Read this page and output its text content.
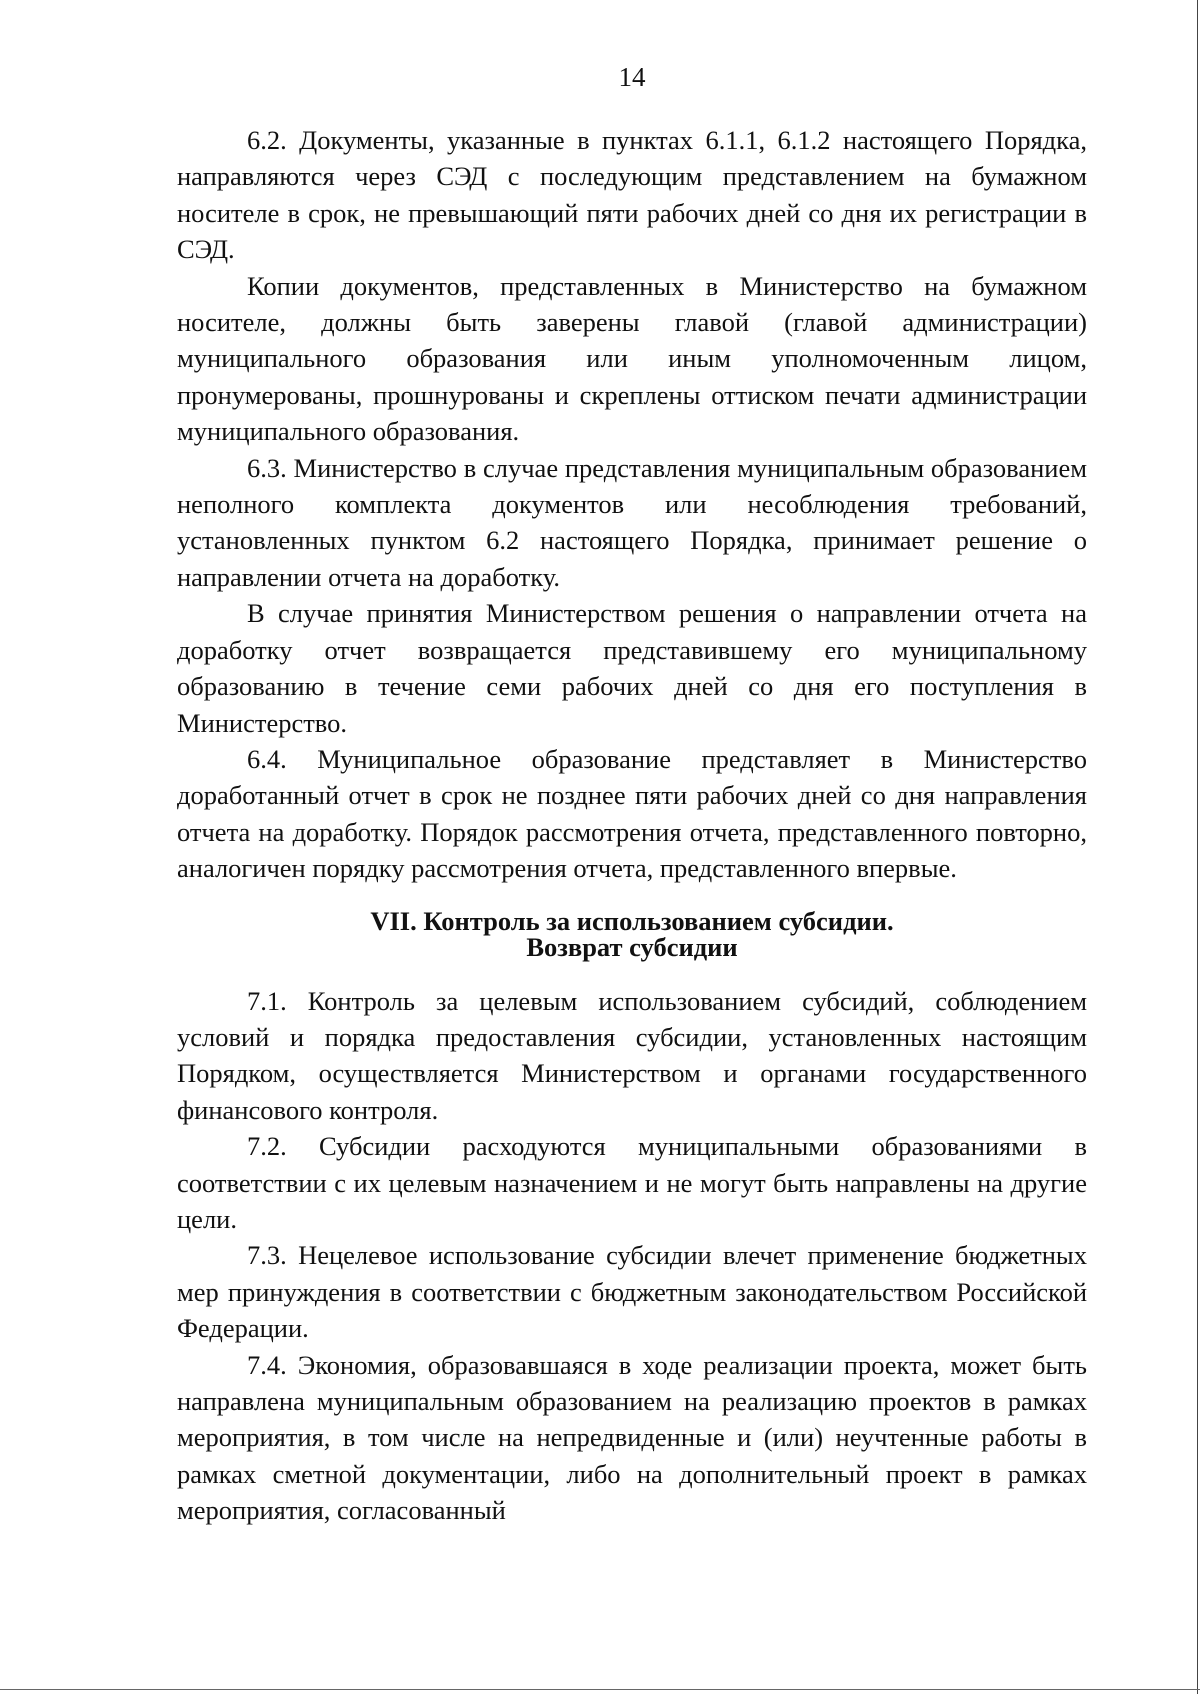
14

6.2. Документы, указанные в пунктах 6.1.1, 6.1.2 настоящего Порядка, направляются через СЭД с последующим представлением на бумажном носителе в срок, не превышающий пяти рабочих дней со дня их регистрации в СЭД.

Копии документов, представленных в Министерство на бумажном носителе, должны быть заверены главой (главой администрации) муниципального образования или иным уполномоченным лицом, пронумерованы, прошнурованы и скреплены оттиском печати администрации муниципального образования.

6.3. Министерство в случае представления муниципальным образованием неполного комплекта документов или несоблюдения требований, установленных пунктом 6.2 настоящего Порядка, принимает решение о направлении отчета на доработку.

В случае принятия Министерством решения о направлении отчета на доработку отчет возвращается представившему его муниципальному образованию в течение семи рабочих дней со дня его поступления в Министерство.

6.4. Муниципальное образование представляет в Министерство доработанный отчет в срок не позднее пяти рабочих дней со дня направления отчета на доработку. Порядок рассмотрения отчета, представленного повторно, аналогичен порядку рассмотрения отчета, представленного впервые.

VII. Контроль за использованием субсидии.
Возврат субсидии

7.1. Контроль за целевым использованием субсидий, соблюдением условий и порядка предоставления субсидии, установленных настоящим Порядком, осуществляется Министерством и органами государственного финансового контроля.

7.2. Субсидии расходуются муниципальными образованиями в соответствии с их целевым назначением и не могут быть направлены на другие цели.

7.3. Нецелевое использование субсидии влечет применение бюджетных мер принуждения в соответствии с бюджетным законодательством Российской Федерации.

7.4. Экономия, образовавшаяся в ходе реализации проекта, может быть направлена муниципальным образованием на реализацию проектов в рамках мероприятия, в том числе на непредвиденные и (или) неучтенные работы в рамках сметной документации, либо на дополнительный проект в рамках мероприятия, согласованный
